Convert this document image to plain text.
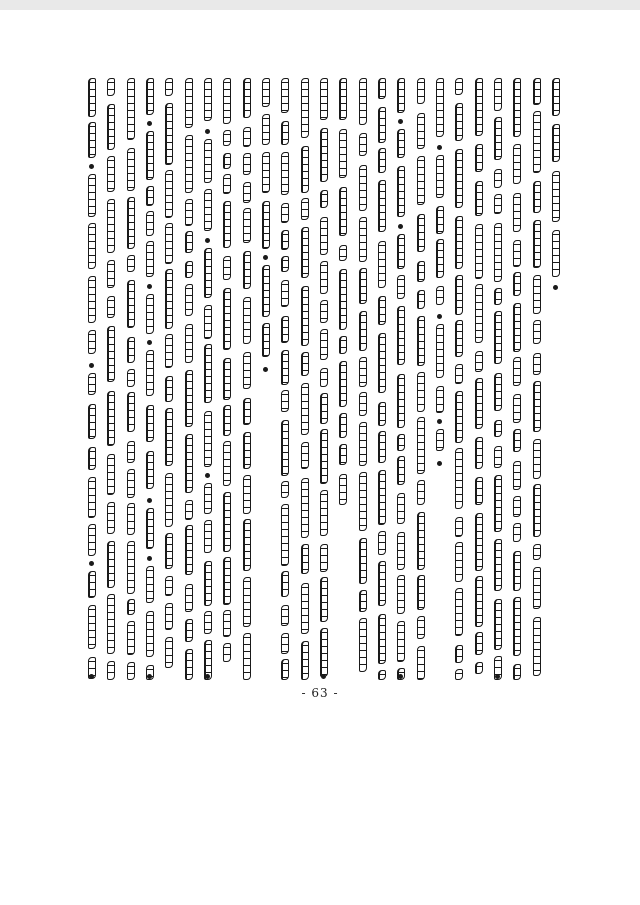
- 63 -
